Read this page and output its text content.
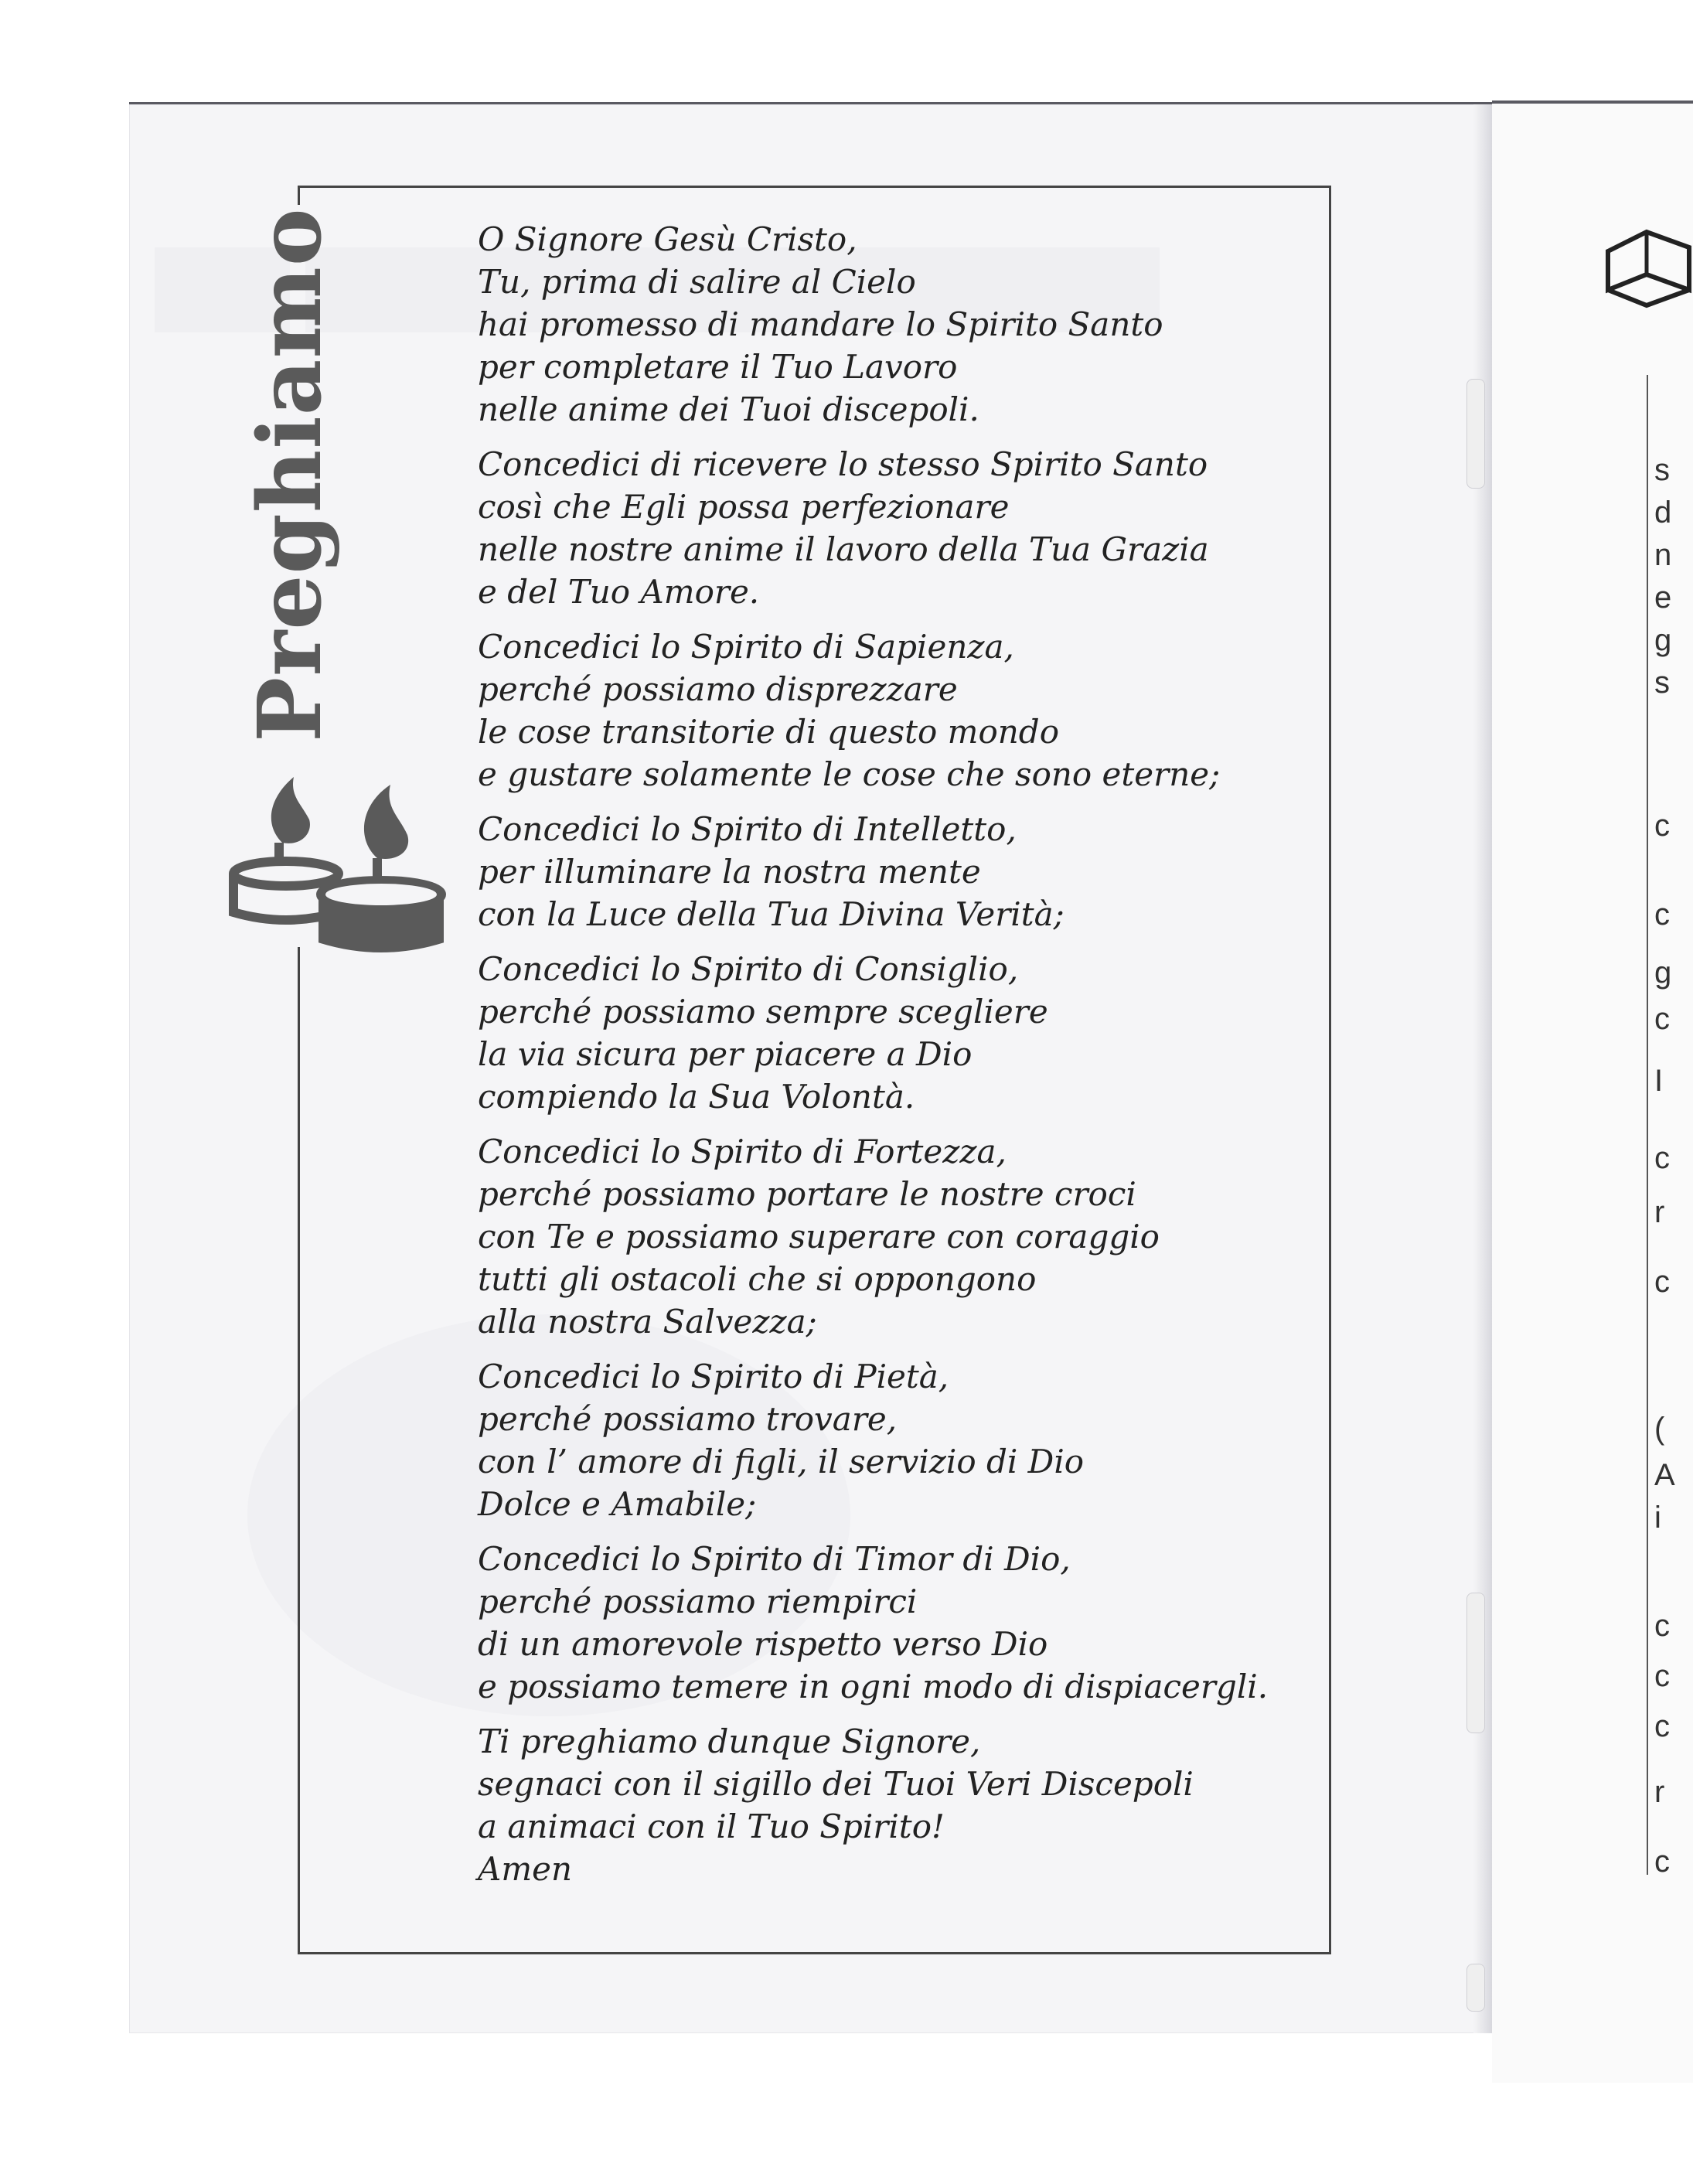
Preghiamo	O Signore Gesù Cristo,
Tu, prima di salire al Cielo
hai promesso di mandare lo Spirito Santo
per completare il Tuo Lavoro
nelle anime dei Tuoi discepoli.
Concedici di ricevere lo stesso Spirito Santo
così che Egli possa perfezionare
nelle nostre anime il lavoro della Tua Grazia
e del Tuo Amore.
Concedici lo Spirito di Sapienza,
perché possiamo disprezzare
le cose transitorie di questo mondo
e gustare solamente le cose che sono eterne;
Concedici lo Spirito di Intelletto,
per illuminare la nostra mente
con la Luce della Tua Divina Verità;
Concedici lo Spirito di Consiglio,
perché possiamo sempre scegliere
la via sicura per piacere a Dio
compiendo la Sua Volontà.
Concedici lo Spirito di Fortezza,
perché possiamo portare le nostre croci
con Te e possiamo superare con coraggio
tutti gli ostacoli che si oppongono
alla nostra Salvezza;
Concedici lo Spirito di Pietà,
perché possiamo trovare,
con l’ amore di figli, il servizio di Dio
Dolce e Amabile;
Concedici lo Spirito di Timor di Dio,
perché possiamo riempirci
di un amorevole rispetto verso Dio
e possiamo temere in ogni modo di dispiacergli.
Ti preghiamo dunque Signore,
segnaci con il sigillo dei Tuoi Veri Discepoli
a animaci con il Tuo Spirito!
Amen
s
d
n
e
g
s
c
c
g
c
I
c
r
c
(
A
i
c
c
c
r
c
